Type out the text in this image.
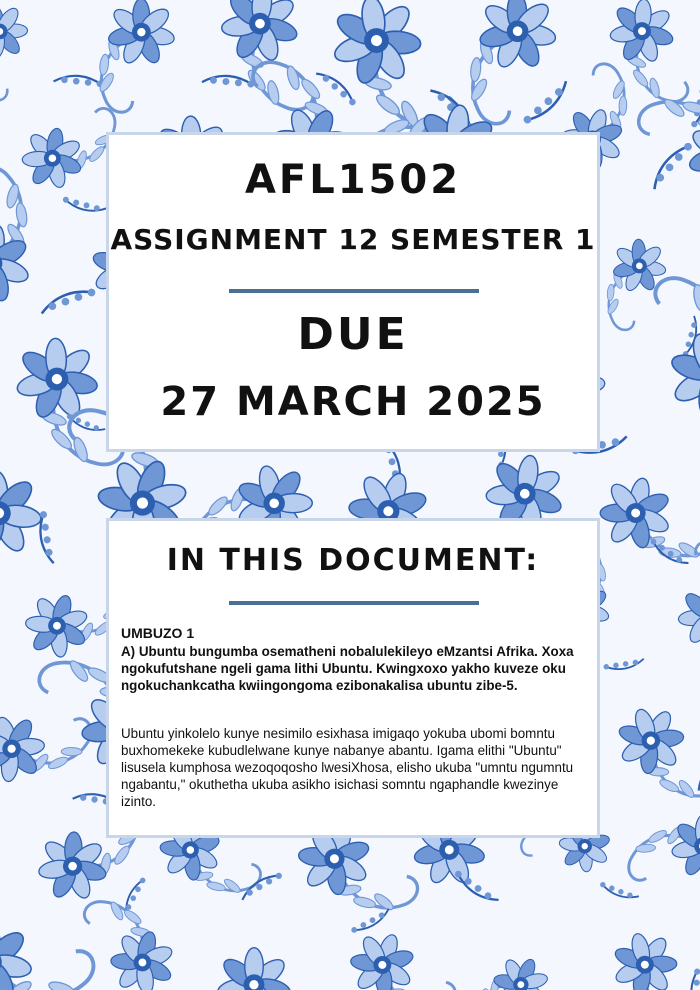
AFL1502
ASSIGNMENT 12 SEMESTER 1
DUE
27 MARCH 2025
IN THIS DOCUMENT:
UMBUZO 1
A) Ubuntu bungumba osematheni nobalulekileyo eMzantsi Afrika. Xoxa ngokufutshane ngeli gama lithi Ubuntu. Kwingxoxo yakho kuveze oku ngokuchankcatha kwiingongoma ezibonakalisa ubuntu zibe-5.
Ubuntu yinkolelo kunye nesimilo esixhasa imigaqo yokuba ubomi bomntu buxhomekeke kubudlelwane kunye nabanye abantu. Igama elithi "Ubuntu" lisusela kumphosa wezoqoqosho lwesiXhosa, elisho ukuba "umntu ngumntu ngabantu," okuthetha ukuba asikho isichasi somntu ngaphandle kwezinye izinto.
